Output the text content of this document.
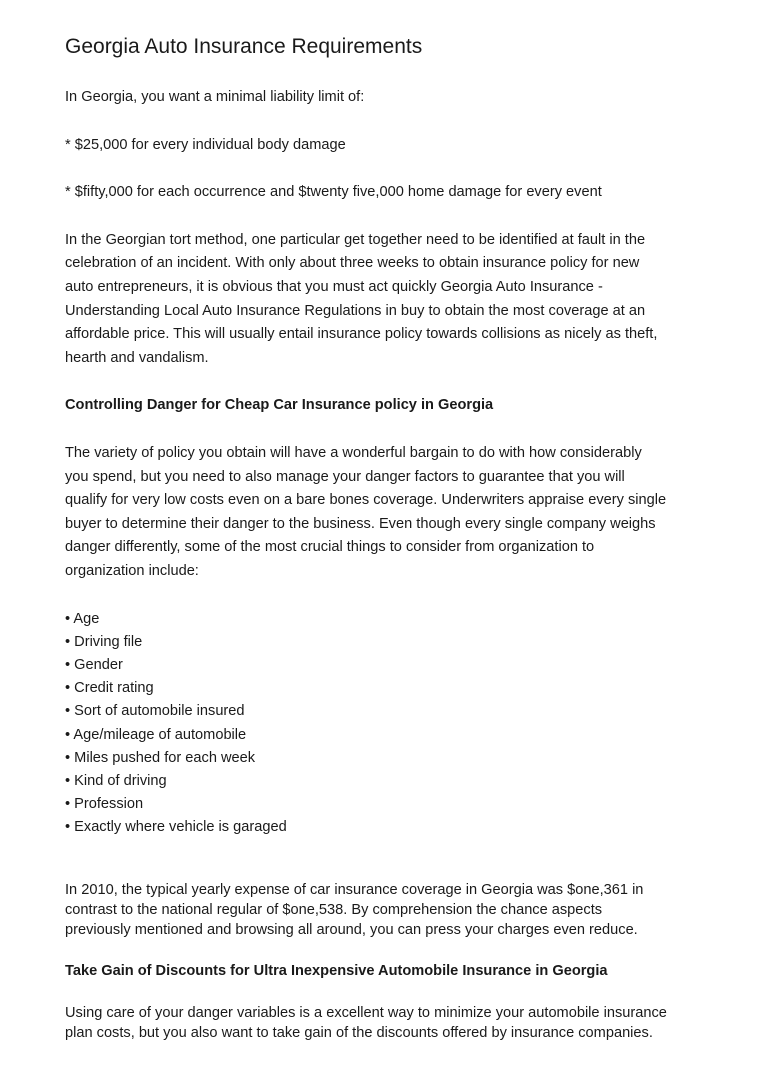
Georgia Auto Insurance Requirements

In Georgia, you want a minimal liability limit of:

* $25,000 for every individual body damage

* $fifty,000 for each occurrence and $twenty five,000 home damage for every event

In the Georgian tort method, one particular get together need to be identified at fault in the
celebration of an incident. With only about three weeks to obtain insurance policy for new
auto entrepreneurs, it is obvious that you must act quickly Georgia Auto Insurance -
Understanding Local Auto Insurance Regulations in buy to obtain the most coverage at an
affordable price. This will usually entail insurance policy towards collisions as nicely as theft,
hearth and vandalism.

Controlling Danger for Cheap Car Insurance policy in Georgia

The variety of policy you obtain will have a wonderful bargain to do with how considerably
you spend, but you need to also manage your danger factors to guarantee that you will
qualify for very low costs even on a bare bones coverage. Underwriters appraise every single
buyer to determine their danger to the business. Even though every single company weighs
danger differently, some of the most crucial things to consider from organization to
organization include:

• Age
• Driving file
• Gender
• Credit rating
• Sort of automobile insured
• Age/mileage of automobile
• Miles pushed for each week
• Kind of driving
• Profession
• Exactly where vehicle is garaged

In 2010, the typical yearly expense of car insurance coverage in Georgia was $one,361 in
contrast to the national regular of $one,538. By comprehension the chance aspects
previously mentioned and browsing all around, you can press your charges even reduce.

Take Gain of Discounts for Ultra Inexpensive Automobile Insurance in Georgia

Using care of your danger variables is a excellent way to minimize your automobile insurance
plan costs, but you also want to take gain of the discounts offered by insurance companies.
